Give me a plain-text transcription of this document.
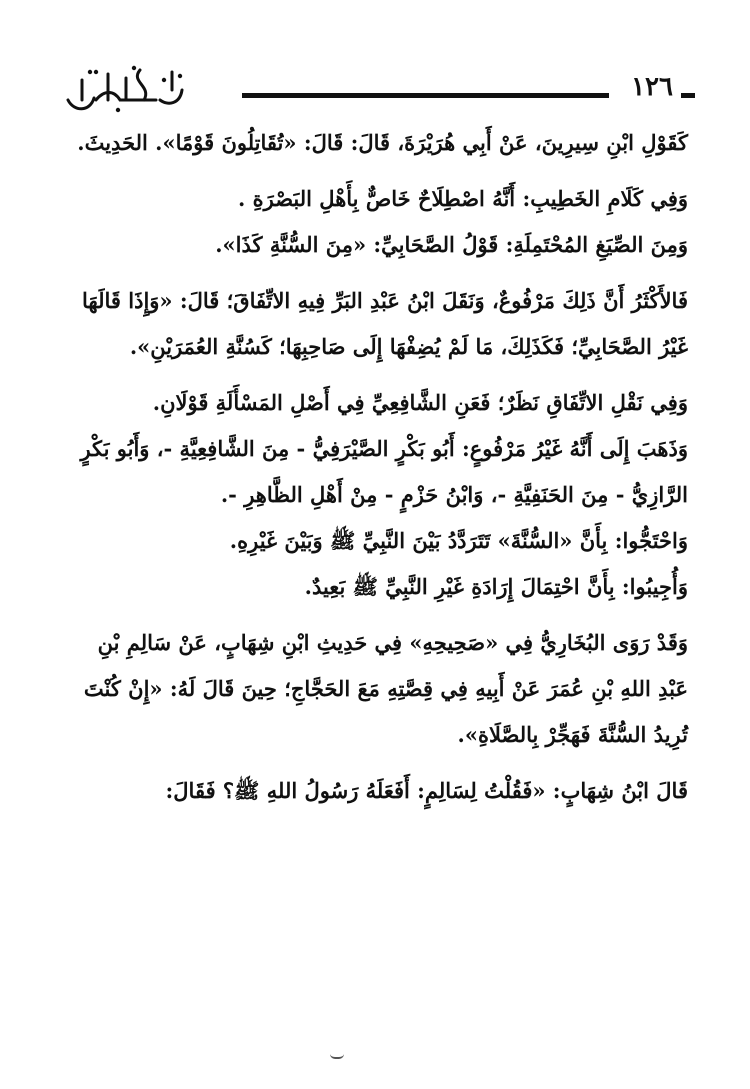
١٢٦

كَقَوْلِ ابْنِ سِيرِينَ، عَنْ أَبِي هُرَيْرَةَ، قَالَ: قَالَ: «تُقَاتِلُونَ قَوْمًا». الحَدِيثَ.

وَفِي كَلَامِ الخَطِيبِ: أَنَّهُ اصْطِلَاحٌ خَاصٌّ بِأَهْلِ البَصْرَةِ .

وَمِنَ الصِّيَغِ المُحْتَمِلَةِ: قَوْلُ الصَّحَابِيِّ: «مِنَ السُّنَّةِ كَذَا».

فَالأَكْثَرُ أَنَّ ذَلِكَ مَرْفُوعٌ، وَنَقَلَ ابْنُ عَبْدِ البَرِّ فِيهِ الاتِّفَاقَ؛ قَالَ: «وَإِذَا قَالَهَا غَيْرُ الصَّحَابِيِّ؛ فَكَذَلِكَ، مَا لَمْ يُضِفْهَا إِلَى صَاحِبِهَا؛ كَسُنَّةِ العُمَرَيْنِ».

وَفِي نَقْلِ الاتِّفَاقِ نَظَرٌ؛ فَعَنِ الشَّافِعِيِّ فِي أَصْلِ المَسْأَلَةِ قَوْلَانِ.

وَذَهَبَ إِلَى أَنَّهُ غَيْرُ مَرْفُوعٍ: أَبُو بَكْرٍ الصَّيْرَفِيُّ - مِنَ الشَّافِعِيَّةِ -، وَأَبُو بَكْرٍ الرَّازِيُّ - مِنَ الحَنَفِيَّةِ -، وَابْنُ حَزْمٍ - مِنْ أَهْلِ الظَّاهِرِ -.

وَاحْتَجُّوا: بِأَنَّ «السُّنَّةَ» تَتَرَدَّدُ بَيْنَ النَّبِيِّ ﷺ وَبَيْنَ غَيْرِهِ.

وَأُجِيبُوا: بِأَنَّ احْتِمَالَ إِرَادَةِ غَيْرِ النَّبِيِّ ﷺ بَعِيدٌ.

وَقَدْ رَوَى البُخَارِيُّ فِي «صَحِيحِهِ» فِي حَدِيثِ ابْنِ شِهَابٍ، عَنْ سَالِمِ بْنِ عَبْدِ اللهِ بْنِ عُمَرَ عَنْ أَبِيهِ فِي قِصَّتِهِ مَعَ الحَجَّاجِ؛ حِينَ قَالَ لَهُ: «إِنْ كُنْتَ تُرِيدُ السُّنَّةَ فَهَجِّرْ بِالصَّلَاةِ».

قَالَ ابْنُ شِهَابٍ: «فَقُلْتُ لِسَالِمٍ: أَفَعَلَهُ رَسُولُ اللهِ ﷺ؟ فَقَالَ:
